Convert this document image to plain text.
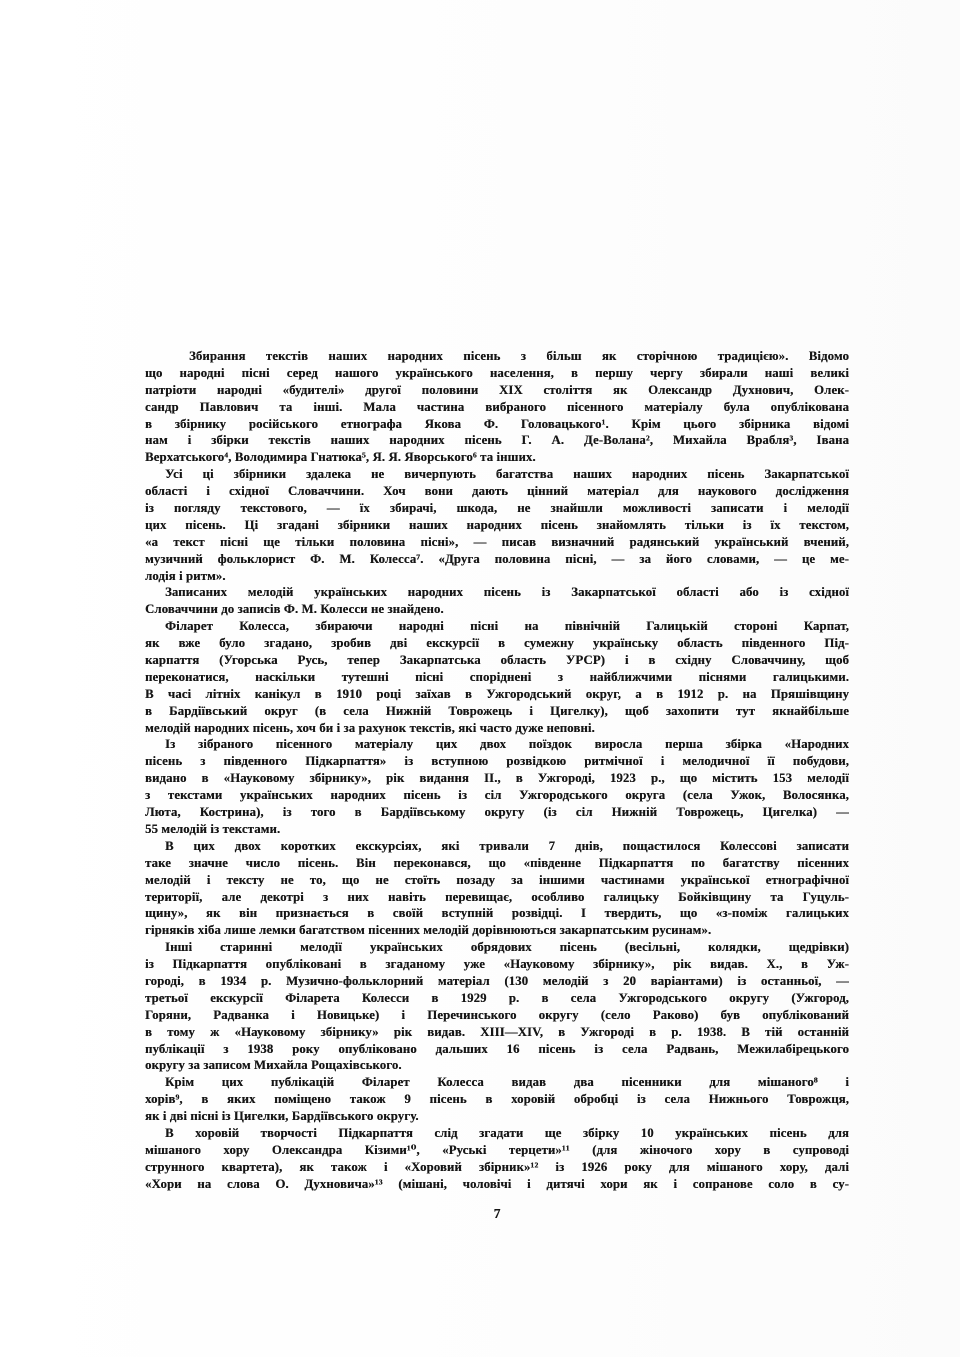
Збирання текстів наших народних пісень з більш як сторічною традицією». Відомо
що народні пісні серед нашого українського населення, в першу чергу збирали наші великі
патріоти народні «будителі» другої половини XIX століття як Олександр Духнович, Олек-
сандр Павлович та інші. Мала частина вибраного пісенного матеріалу була опублікована
в збірнику російського етнографа Якова Ф. Головацького¹. Крім цього збірника відомі
нам і збірки текстів наших народних пісень Г. А. Де-Волана², Михайла Врабля³, Івана
Верхатського⁴, Володимира Гнатюка⁵, Я. Я. Яворського⁶ та інших.
Усі ці збірники здалека не вичерпують багатства наших народних пісень Закарпатської
області і східної Словаччини. Хоч вони дають цінний матеріал для наукового дослідження
із погляду текстового, — їх збирачі, шкода, не знайшли можливості записати і мелодії
цих пісень. Ці згадані збірники наших народних пісень знайомлять тільки із їх текстом,
«а текст пісні ще тільки половина пісні», — писав визначний радянський український вчений,
музичний фольклорист Ф. М. Колесса⁷. «Друга половина пісні, — за його словами, — це ме-
лодія і ритм».
Записаних мелодій українських народних пісень із Закарпатської області або із східної
Словаччини до записів Ф. М. Колесси не знайдено.
Філарет Колесса, збираючи народні пісні на північній Галицькій стороні Карпат,
як вже було згадано, зробив дві екскурсії в сумежну українську область південного Під-
карпаття (Угорська Русь, тепер Закарпатська область УРСР) і в східну Словаччину, щоб
переконатися, наскільки тутешні пісні споріднені з найближчими піснями галицькими.
В часі літніх канікул в 1910 році заїхав в Ужгородський округ, а в 1912 р. на Пряшівщину
в Бардіївський округ (в села Нижній Товрожець і Цигелку), щоб захопити тут якнайбільше
мелодій народних пісень, хоч би і за рахунок текстів, які часто дуже неповні.
Із зібраного пісенного матеріалу цих двох поїздок виросла перша збірка «Народних
пісень з південного Підкарпаття» із вступною розвідкою ритмічної і мелодичної її побудови,
видано в «Науковому збірнику», рік видання ІІ., в Ужгороді, 1923 р., що містить 153 мелодії
з текстами українських народних пісень із сіл Ужгородського округа (села Ужок, Волосянка,
Люта, Кострина), із того в Бардіївському округу (із сіл Нижній Товрожець, Цигелка) —
55 мелодій із текстами.
В цих двох коротких екскурсіях, які тривали 7 днів, пощастилося Колессові записати
таке значне число пісень. Він переконався, що «південне Підкарпаття по багатству пісенних
мелодій і тексту не то, що не стоїть позаду за іншими частинами української етнографічної
території, але декотрі з них навіть перевищає, особливо галицьку Бойківщину та Гуцуль-
щину», як він признається в своїй вступній розвідці. І твердить, що «з-поміж галицьких
гірняків хіба лише лемки багатством пісенних мелодій дорівнюються закарпатським русинам».
Інші старинні мелодії українських обрядових пісень (весільні, колядки, щедрівки)
із Підкарпаття опубліковані в згаданому уже «Науковому збірнику», рік видав. X., в Уж-
городі, в 1934 р. Музично-фольклорний матеріал (130 мелодій з 20 варіантами) із останньої, —
третьої екскурсії Філарета Колесси в 1929 р. в села Ужгородського округу (Ужгород,
Горяни, Радванка і Новицьке) і Перечинського округу (село Раково) був опублікований
в тому ж «Науковому збірнику» рік видав. XIII—XIV, в Ужгороді в р. 1938. В тій останній
публікації з 1938 року опубліковано дальших 16 пісень із села Радвань, Межилабірецького
округу за записом Михайла Рощахівського.
Крім цих публікацій Філарет Колесса видав два пісенники для мішаного⁸ і
хорів⁹, в яких поміщено також 9 пісень в хоровій обробці із села Нижнього Товрожця,
як і дві пісні із Цигелки, Бардіївського округу.
В хоровій творчості Підкарпаття слід згадати ще збірку 10 українських пісень для
мішаного хору Олександра Кізими¹⁰, «Руські терцети»¹¹ (для жіночого хору в супроводі
струнного квартета), як також і «Хоровий збірник»¹² із 1926 року для мішаного хору, далі
«Хори на слова О. Духновича»¹³ (мішані, чоловічі і дитячі хори як і сопранове соло в су-
7
